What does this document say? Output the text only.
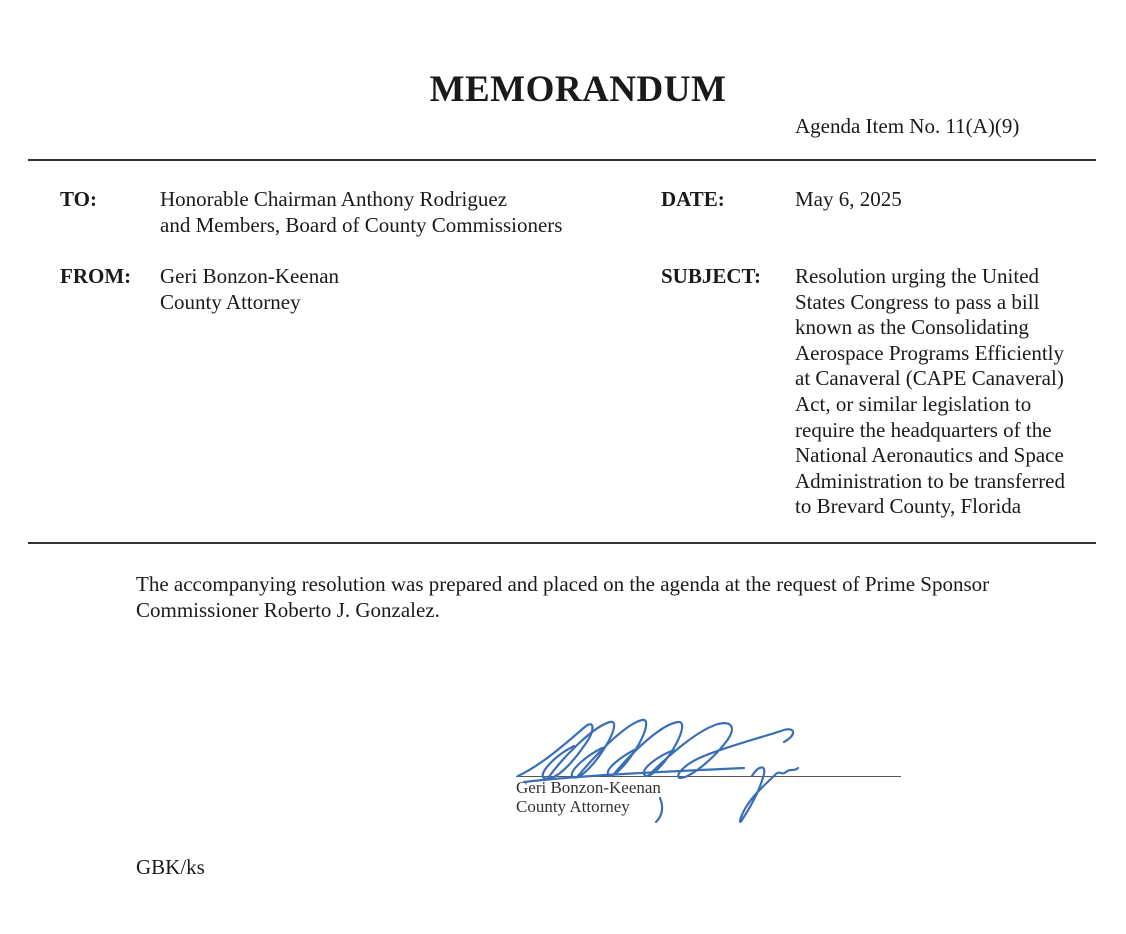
MEMORANDUM
Agenda Item No. 11(A)(9)
TO:	Honorable Chairman Anthony Rodriguez
and Members, Board of County Commissioners
DATE:	May 6, 2025
FROM: Geri Bonzon-Keenan
County Attorney
SUBJECT: Resolution urging the United
States Congress to pass a bill
known as the Consolidating
Aerospace Programs Efficiently
at Canaveral (CAPE Canaveral)
Act, or similar legislation to
require the headquarters of the
National Aeronautics and Space
Administration to be transferred
to Brevard County, Florida
The accompanying resolution was prepared and placed on the agenda at the request of Prime Sponsor
Commissioner Roberto J. Gonzalez.
Geri Bonzon-Keenan
County Attorney
GBK/ks
